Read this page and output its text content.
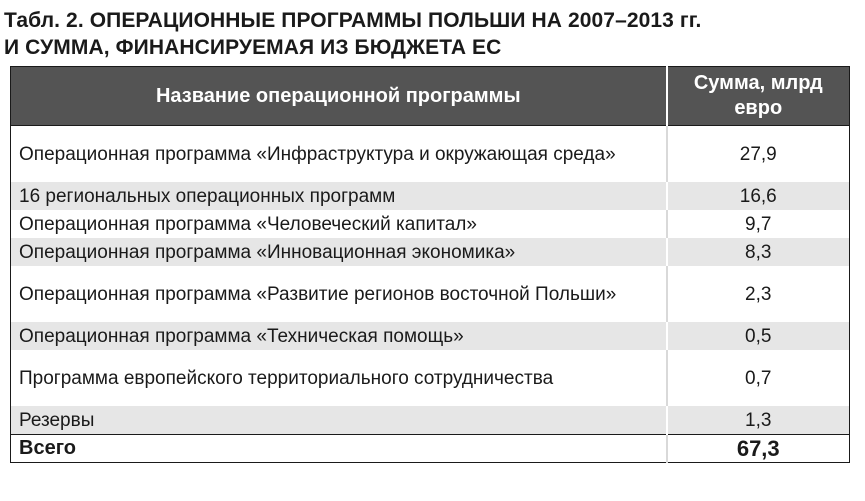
Табл. 2. ОПЕРАЦИОННЫЕ ПРОГРАММЫ ПОЛЬШИ НА 2007–2013 гг.
И СУММА, ФИНАНСИРУЕМАЯ ИЗ БЮДЖЕТА ЕС
Название операционной программы	Сумма, млрд евро
Операционная программа «Инфраструктура и окружающая среда»	27,9
16 региональных операционных программ	16,6
Операционная программа «Человеческий капитал»	9,7
Операционная программа «Инновационная экономика»	8,3
Операционная программа «Развитие регионов восточной Польши»	2,3
Операционная программа «Техническая помощь»	0,5
Программа европейского территориального сотрудничества	0,7
Резервы	1,3
Всего	67,3
